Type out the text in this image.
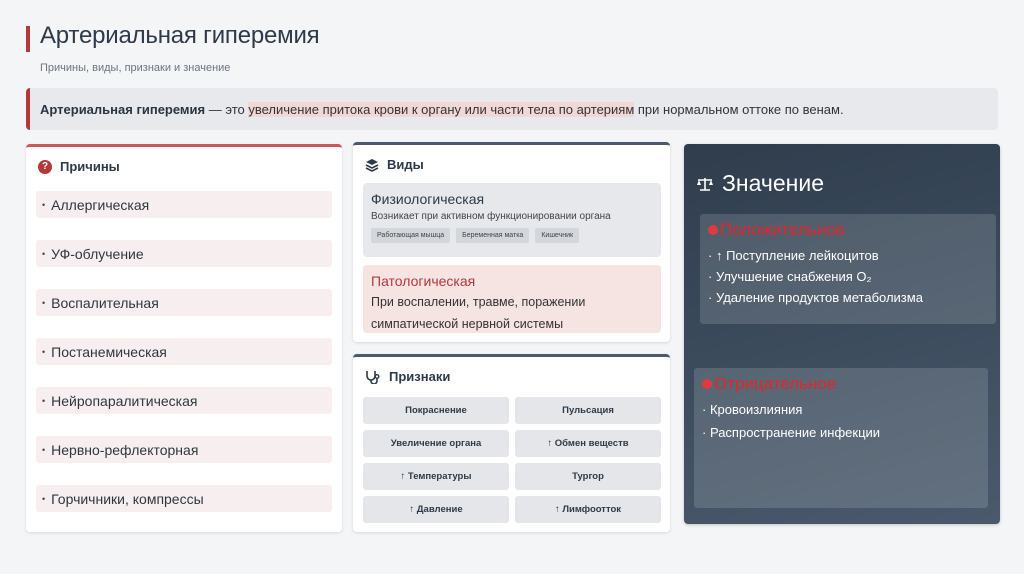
Артериальная гиперемия
Причины, виды, признаки и значение
Артериальная гиперемия — это увеличение притока крови к органу или части тела по артериям при нормальном оттоке по венам.
? Причины
• Аллергическая
• УФ-облучение
• Воспалительная
• Постанемическая
• Нейропаралитическая
• Нервно-рефлекторная
• Горчичники, компрессы
Виды
Физиологическая
Возникает при активном функционировании органа
Работающая мышца	Беременная матка	Кишечник
Патологическая
При воспалении, травме, поражении
симпатической нервной системы
Признаки
Покраснение	Пульсация
Увеличение органа	↑ Обмен веществ
↑ Температуры	Тургор
↑ Давление	↑ Лимфоотток
Значение
Положительное
· ↑ Поступление лейкоцитов
· Улучшение снабжения O₂
· Удаление продуктов метаболизма
Отрицательное
· Кровоизлияния
· Распространение инфекции
